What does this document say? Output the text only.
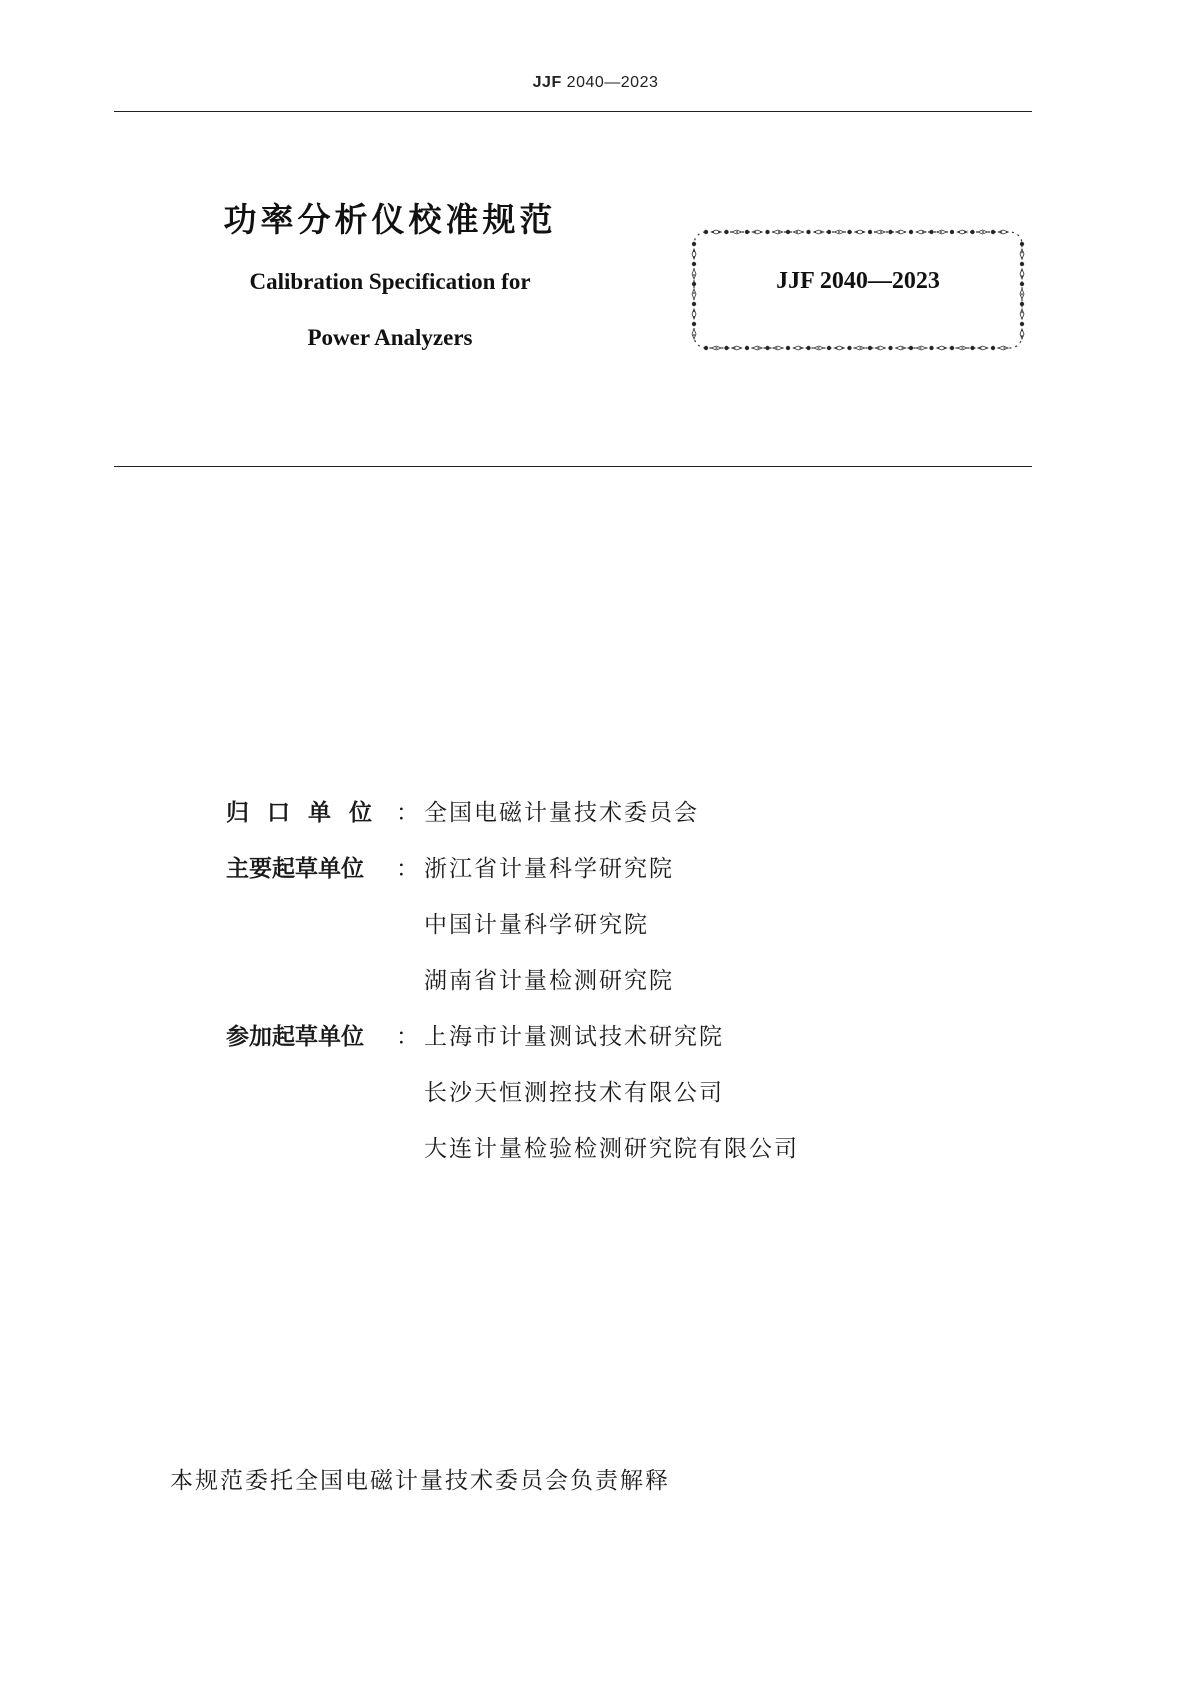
JJF 2040—2023

功率分析仪校准规范

Calibration Specification for

Power Analyzers

JJF 2040—2023
归口单位 ： 全国电磁计量技术委员会
主要起草单位	： 浙江省计量科学研究院
中国计量科学研究院
湖南省计量检测研究院
参加起草单位	： 上海市计量测试技术研究院
长沙天恒测控技术有限公司
大连计量检验检测研究院有限公司
本规范委托全国电磁计量技术委员会负责解释
